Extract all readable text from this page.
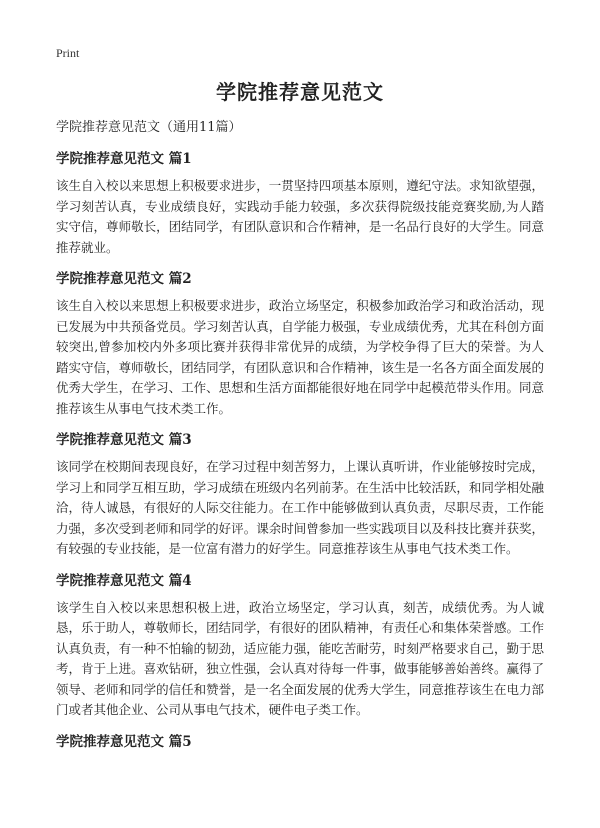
Print
学院推荐意见范文
学院推荐意见范文（通用11篇）
学院推荐意见范文 篇1
该生自入校以来思想上积极要求进步，一贯坚持四项基本原则，遵纪守法。求知欲望强，学习刻苦认真，专业成绩良好，实践动手能力较强，多次获得院级技能竞赛奖励,为人踏实守信，尊师敬长，团结同学，有团队意识和合作精神，是一名品行良好的大学生。同意推荐就业。
学院推荐意见范文 篇2
该生自入校以来思想上积极要求进步，政治立场坚定，积极参加政治学习和政治活动，现已发展为中共预备党员。学习刻苦认真，自学能力极强，专业成绩优秀，尤其在科创方面较突出,曾参加校内外多项比赛并获得非常优异的成绩，为学校争得了巨大的荣誉。为人踏实守信，尊师敬长，团结同学，有团队意识和合作精神，该生是一名各方面全面发展的优秀大学生，在学习、工作、思想和生活方面都能很好地在同学中起模范带头作用。同意推荐该生从事电气技术类工作。
学院推荐意见范文 篇3
该同学在校期间表现良好，在学习过程中刻苦努力，上课认真听讲，作业能够按时完成，学习上和同学互相互助，学习成绩在班级内名列前茅。在生活中比较活跃，和同学相处融洽，待人诚恳，有很好的人际交往能力。在工作中能够做到认真负责，尽职尽责，工作能力强，多次受到老师和同学的好评。课余时间曾参加一些实践项目以及科技比赛并获奖，有较强的专业技能，是一位富有潜力的好学生。同意推荐该生从事电气技术类工作。
学院推荐意见范文 篇4
该学生自入校以来思想积极上进，政治立场坚定，学习认真，刻苦，成绩优秀。为人诚恳，乐于助人，尊敬师长，团结同学，有很好的团队精神，有责任心和集体荣誉感。工作认真负责，有一种不怕输的韧劲，适应能力强，能吃苦耐劳，时刻严格要求自己，勤于思考，肯于上进。喜欢钻研，独立性强，会认真对待每一件事，做事能够善始善终。赢得了领导、老师和同学的信任和赞誉，是一名全面发展的优秀大学生，同意推荐该生在电力部门或者其他企业、公司从事电气技术，硬件电子类工作。
学院推荐意见范文 篇5
